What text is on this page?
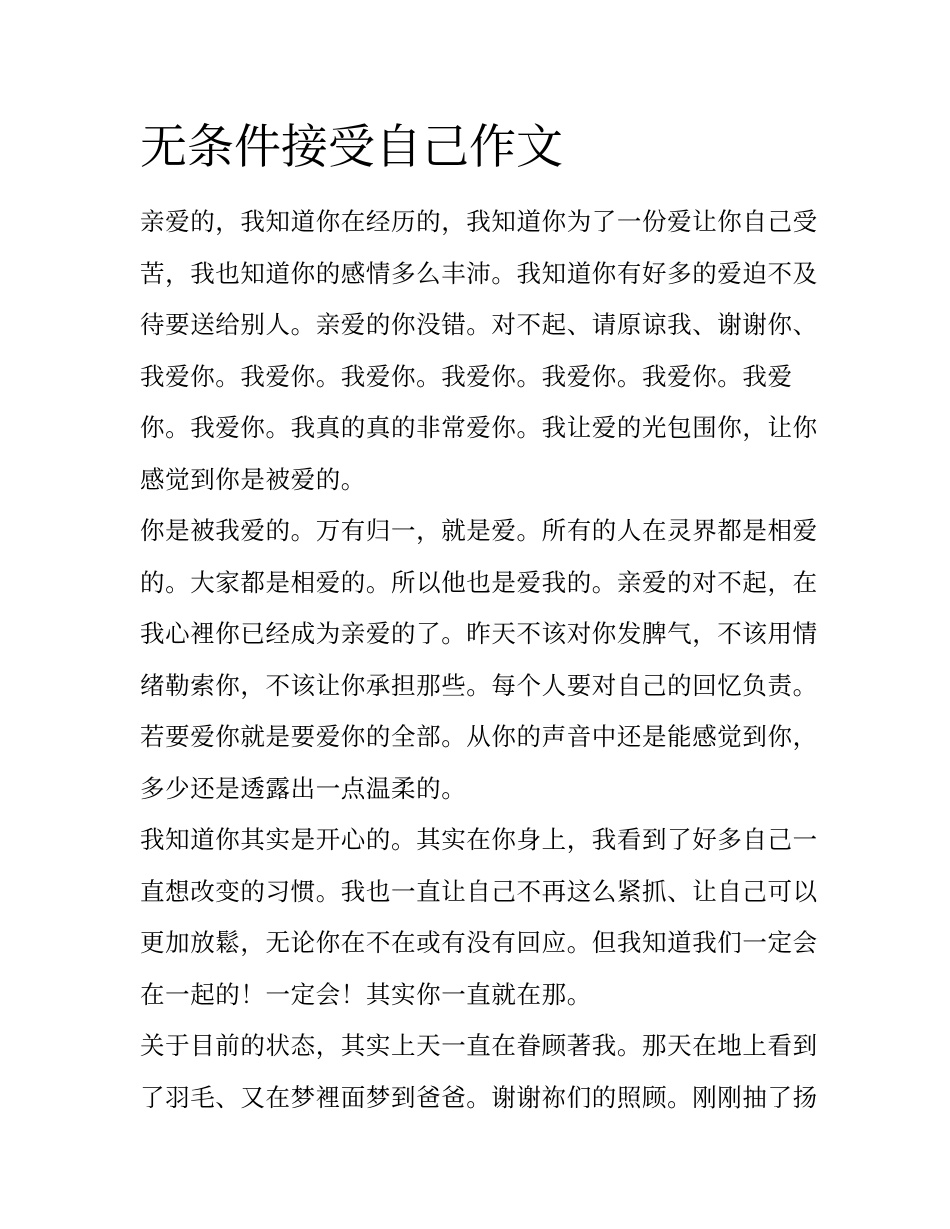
无条件接受自己作文

亲爱的，我知道你在经历的，我知道你为了一份爱让你自己受
苦，我也知道你的感情多么丰沛。我知道你有好多的爱迫不及
待要送给别人。亲爱的你没错。对不起、请原谅我、谢谢你、
我爱你。我爱你。我爱你。我爱你。我爱你。我爱你。我爱
你。我爱你。我真的真的非常爱你。我让爱的光包围你，让你
感觉到你是被爱的。

你是被我爱的。万有归一，就是爱。所有的人在灵界都是相爱
的。大家都是相爱的。所以他也是爱我的。亲爱的对不起，在
我心裡你已经成为亲爱的了。昨天不该对你发脾气，不该用情
绪勒索你，不该让你承担那些。每个人要对自己的回忆负责。
若要爱你就是要爱你的全部。从你的声音中还是能感觉到你，
多少还是透露出一点温柔的。

我知道你其实是开心的。其实在你身上，我看到了好多自己一
直想改变的习惯。我也一直让自己不再这么紧抓、让自己可以
更加放鬆，无论你在不在或有没有回应。但我知道我们一定会
在一起的！一定会！其实你一直就在那。

关于目前的状态，其实上天一直在眷顾著我。那天在地上看到
了羽毛、又在梦裡面梦到爸爸。谢谢祢们的照顾。刚刚抽了扬
